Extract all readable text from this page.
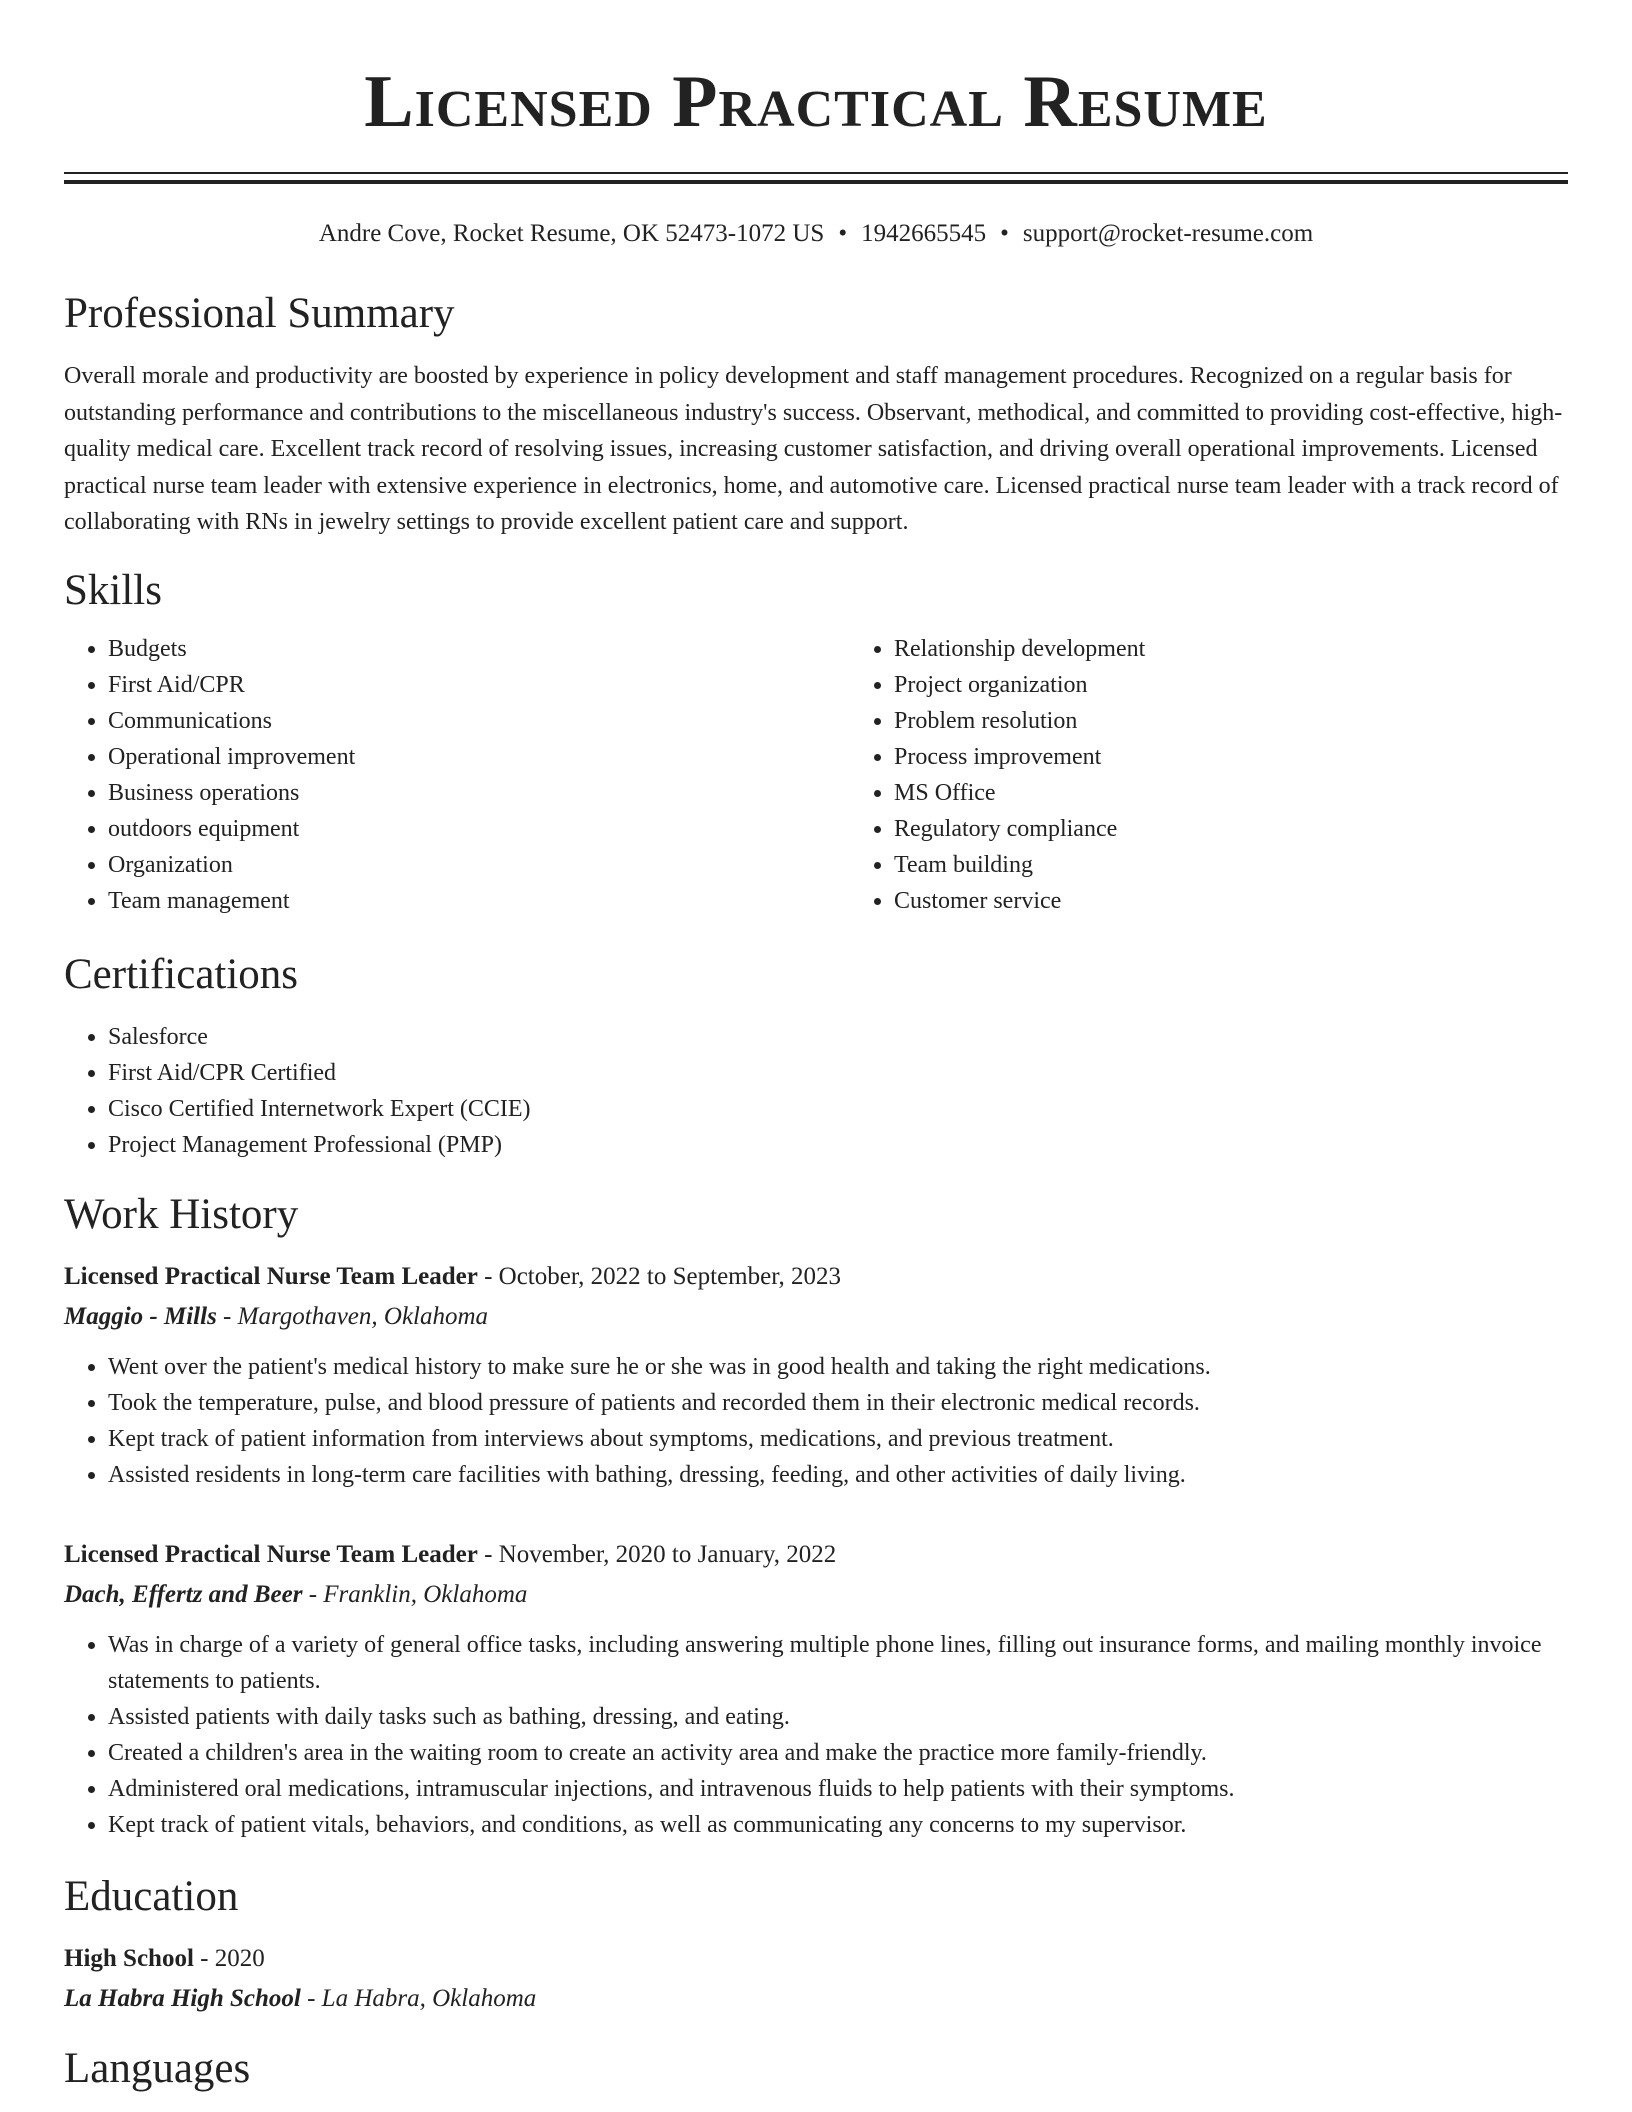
Licensed Practical Resume
Andre Cove, Rocket Resume, OK 52473-1072 US • 1942665545 • support@rocket-resume.com
Professional Summary

Overall morale and productivity are boosted by experience in policy development and staff management procedures. Recognized on a regular basis for outstanding performance and contributions to the miscellaneous industry's success. Observant, methodical, and committed to providing cost-effective, high-quality medical care. Excellent track record of resolving issues, increasing customer satisfaction, and driving overall operational improvements. Licensed practical nurse team leader with extensive experience in electronics, home, and automotive care. Licensed practical nurse team leader with a track record of collaborating with RNs in jewelry settings to provide excellent patient care and support.

Skills
• Budgets
• First Aid/CPR
• Communications
• Operational improvement
• Business operations
• outdoors equipment
• Organization
• Team management
• Relationship development
• Project organization
• Problem resolution
• Process improvement
• MS Office
• Regulatory compliance
• Team building
• Customer service
Certifications
• Salesforce
• First Aid/CPR Certified
• Cisco Certified Internetwork Expert (CCIE)
• Project Management Professional (PMP)
Work History
Licensed Practical Nurse Team Leader - October, 2022 to September, 2023
Maggio - Mills - Margothaven, Oklahoma
• Went over the patient's medical history to make sure he or she was in good health and taking the right medications.
• Took the temperature, pulse, and blood pressure of patients and recorded them in their electronic medical records.
• Kept track of patient information from interviews about symptoms, medications, and previous treatment.
• Assisted residents in long-term care facilities with bathing, dressing, feeding, and other activities of daily living.
Licensed Practical Nurse Team Leader - November, 2020 to January, 2022
Dach, Effertz and Beer - Franklin, Oklahoma
• Was in charge of a variety of general office tasks, including answering multiple phone lines, filling out insurance forms, and mailing monthly invoice statements to patients.
• Assisted patients with daily tasks such as bathing, dressing, and eating.
• Created a children's area in the waiting room to create an activity area and make the practice more family-friendly.
• Administered oral medications, intramuscular injections, and intravenous fluids to help patients with their symptoms.
• Kept track of patient vitals, behaviors, and conditions, as well as communicating any concerns to my supervisor.
Education
High School - 2020
La Habra High School - La Habra, Oklahoma
Languages
